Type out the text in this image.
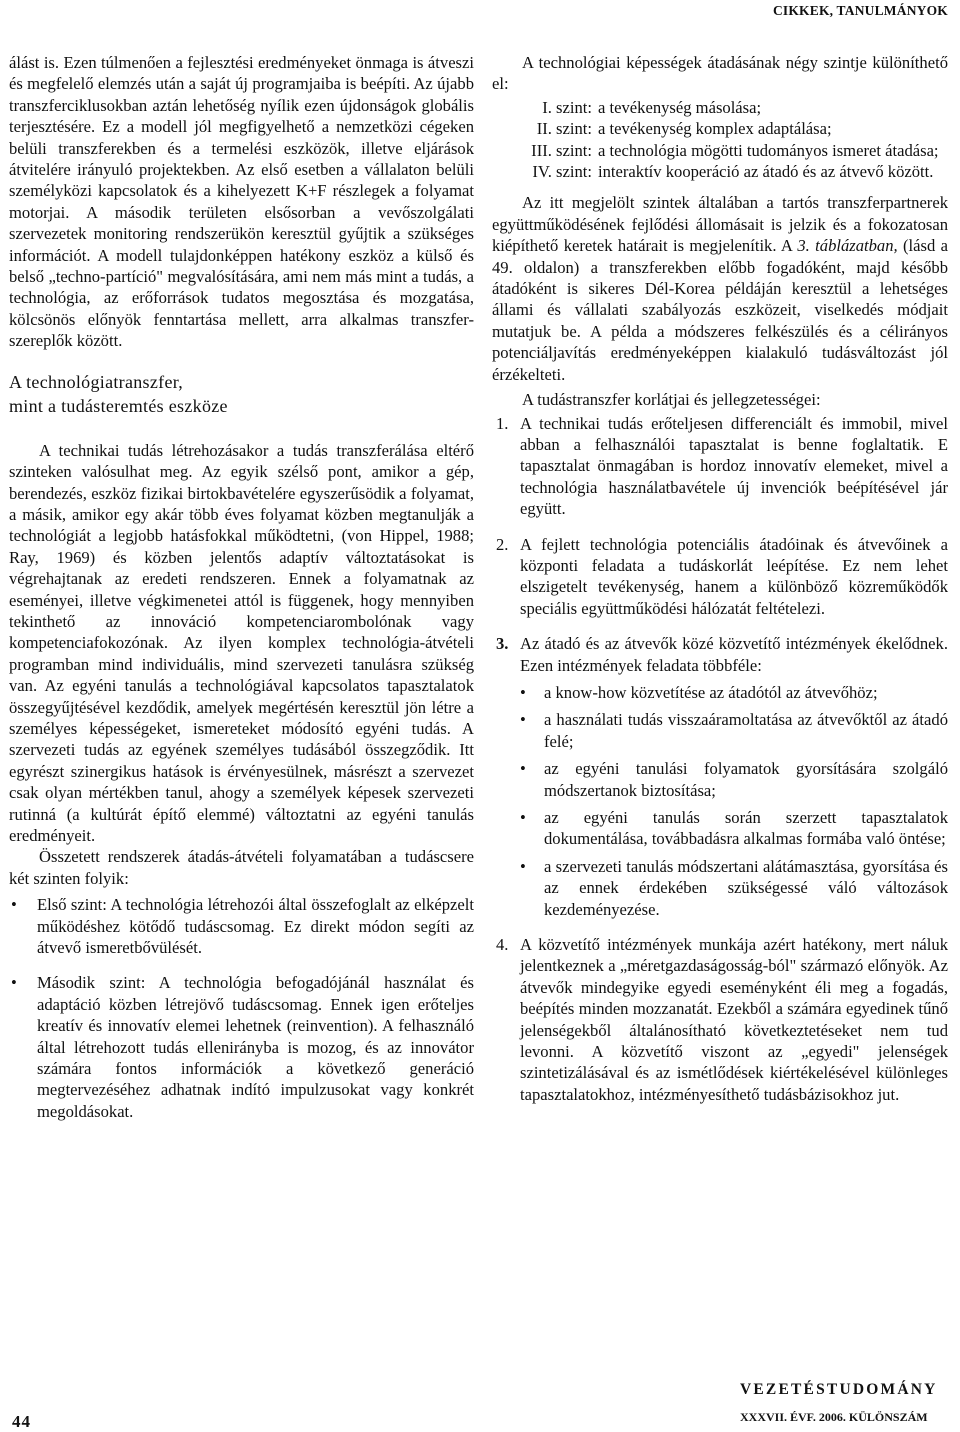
CIKKEK, TANULMÁNYOK

álást is. Ezen túlmenően a fejlesztési eredményeket önmaga is átveszi és megfelelő elemzés után a saját új programjaiba is beépíti. Az újabb transzferciklusokban aztán lehetőség nyílik ezen újdonságok globális terjesztésére. Ez a modell jól megfigyelhető a nemzetközi cégeken belüli transzferekben és a termelési eszközök, illetve eljárások átvitelére irányuló projektekben. Az első esetben a vállalaton belüli személyközi kapcsolatok és a kihelyezett K+F részlegek a folyamat motorjai. A második területen elsősorban a vevőszolgálati szervezetek monitoring rendszerükön keresztül gyűjtik a szükséges információt. A modell tulajdonképpen hatékony eszköz a külső és belső „techno-partíció" megvalósítására, ami nem más mint a tudás, a technológia, az erőforrások tudatos megosztása és mozgatása, kölcsönös előnyök fenntartása mellett, arra alkalmas transzfer-szereplők között.

A technológiatranszfer,
mint a tudásteremtés eszköze

A technikai tudás létrehozásakor a tudás transzferálása eltérő szinteken valósulhat meg. Az egyik szélső pont, amikor a gép, berendezés, eszköz fizikai birtokbavételére egyszerűsödik a folyamat, a másik, amikor egy akár több éves folyamat közben megtanulják a technológiát a legjobb hatásfokkal működtetni, (von Hippel, 1988; Ray, 1969) és közben jelentős adaptív változtatásokat is végrehajtanak az eredeti rendszeren. Ennek a folyamatnak az eseményei, illetve végkimenetei attól is függenek, hogy mennyiben tekinthető az innováció kompetenciarombolónak vagy kompetenciafokozónak. Az ilyen komplex technológia-átvételi programban mind individuális, mind szervezeti tanulásra szükség van. Az egyéni tanulás a technológiával kapcsolatos tapasztalatok összegyűjtésével kezdődik, amelyek megértésén keresztül jön létre a személyes képességeket, ismereteket módosító egyéni tudás. A szervezeti tudás az egyének személyes tudásából összegződik. Itt egyrészt szinergikus hatások is érvényesülnek, másrészt a szervezet csak olyan mértékben tanul, ahogy a személyek képesek szervezeti rutinná (a kultúrát építő elemmé) változtatni az egyéni tanulás eredményeit.

Összetett rendszerek átadás-átvételi folyamatában a tudáscsere két szinten folyik:

• Első szint: A technológia létrehozói által összefoglalt az elképzelt működéshez kötődő tudáscsomag. Ez direkt módon segíti az átvevő ismeretbővülését.
• Második szint: A technológia befogadójánál használat és adaptáció közben létrejövő tudáscsomag. Ennek igen erőteljes kreatív és innovatív elemei lehetnek (reinvention). A felhasználó által létrehozott tudás ellenirányba is mozog, és az innovátor számára fontos információk a következő generáció megtervezéséhez adhatnak indító impulzusokat vagy konkrét megoldásokat.

A technológiai képességek átadásának négy szintje különíthető el:

I. szint: a tevékenység másolása;
II. szint: a tevékenység komplex adaptálása;
III. szint: a technológia mögötti tudományos ismeret átadása;
IV. szint: interaktív kooperáció az átadó és az átvevő között.

Az itt megjelölt szintek általában a tartós transzferpartnerek együttműködésének fejlődési állomásait is jelzik és a fokozatosan kiépíthető keretek határait is megjelenítik. A 3. táblázatban, (lásd a 49. oldalon) a transzferekben előbb fogadóként, majd később átadóként is sikeres Dél-Korea példáján keresztül a lehetséges állami és vállalati szabályozás eszközeit, viselkedés módjait mutatjuk be. A példa a módszeres felkészülés és a célirányos potenciáljavítás eredményeképpen kialakuló tudásváltozást jól érzékelteti.

A tudástranszfer korlátjai és jellegzetességei:

1. A technikai tudás erőteljesen differenciált és immobil, mivel abban a felhasználói tapasztalat is benne foglaltatik. E tapasztalat önmagában is hordoz innovatív elemeket, mivel a technológia használatbavétele új invenciók beépítésével jár együtt.
2. A fejlett technológia potenciális átadóinak és átvevőinek a központi feladata a tudáskorlát leépítése. Ez nem lehet elszigetelt tevékenység, hanem a különböző közreműködők speciális együttműködési hálózatát feltételezi.
3. Az átadó és az átvevők közé közvetítő intézmények ékelődnek. Ezen intézmények feladata többféle:
• a know-how közvetítése az átadótól az átvevőhöz;
• a használati tudás visszaáramoltatása az átvevőktől az átadó felé;
• az egyéni tanulási folyamatok gyorsítására szolgáló módszertanok biztosítása;
• az egyéni tanulás során szerzett tapasztalatok dokumentálása, továbbadásra alkalmas formába való öntése;
• a szervezeti tanulás módszertani alátámasztása, gyorsítása és az ennek érdekében szükségessé váló változások kezdeményezése.
4. A közvetítő intézmények munkája azért hatékony, mert náluk jelentkeznek a „méretgazdaságosság-ból" származó előnyök. Az átvevők mindegyike egyedi eseményként éli meg a fogadás, beépítés minden mozzanatát. Ezekből a számára egyedinek tűnő jelenségekből általánosítható következtetéseket nem tud levonni. A közvetítő viszont az „egyedi" jelenségek szintetizálásával és az ismétlődések kiértékelésével különleges tapasztalatokhoz, intézményesíthető tudásbázisokhoz jut.
44
VEZETÉSTUDOMÁNY
XXXVII. ÉVF. 2006. KÜLÖNSZÁM
